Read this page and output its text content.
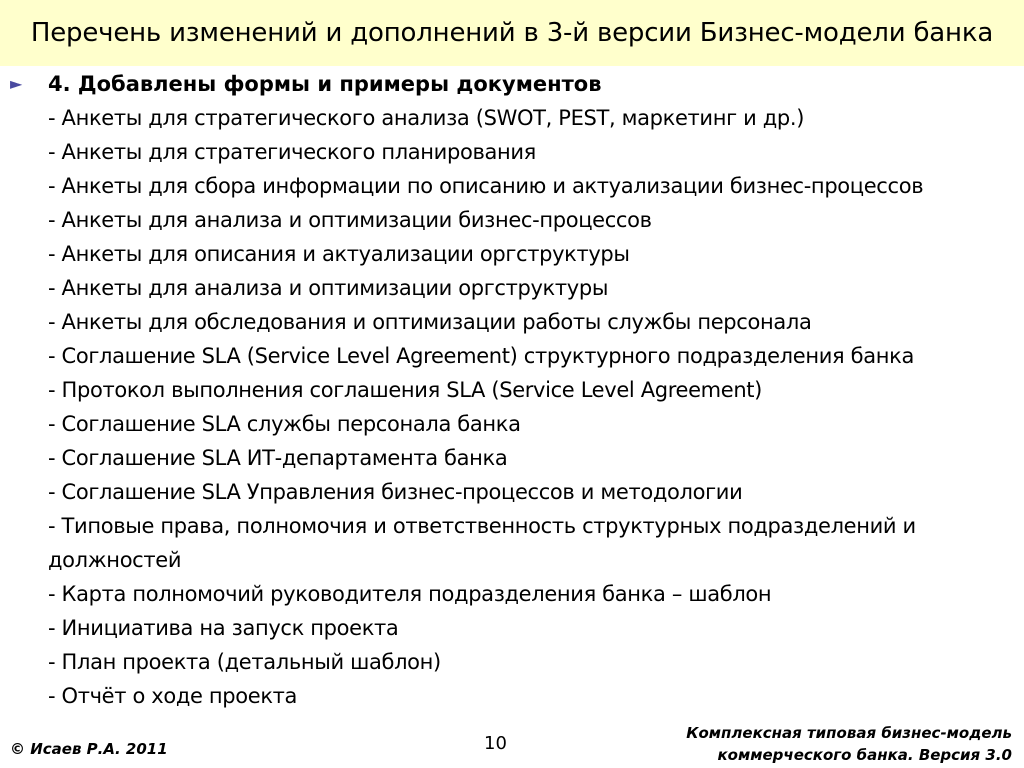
Перечень изменений и дополнений в 3-й версии Бизнес-модели банка
► 4. Добавлены формы и примеры документов
- Анкеты для стратегического анализа (SWOT, PEST, маркетинг и др.)
- Анкеты для стратегического планирования
- Анкеты для сбора информации по описанию и актуализации бизнес-процессов
- Анкеты для анализа и оптимизации бизнес-процессов
- Анкеты для описания и актуализации оргструктуры
- Анкеты для анализа и оптимизации оргструктуры
- Анкеты для обследования и оптимизации работы службы персонала
- Соглашение SLA (Service Level Agreement) структурного подразделения банка
- Протокол выполнения соглашения SLA (Service Level Agreement)
- Соглашение SLA службы персонала банка
- Соглашение SLA ИТ-департамента банка
- Соглашение SLA Управления бизнес-процессов и методологии
- Типовые права, полномочия и ответственность структурных подразделений и должностей
- Карта полномочий руководителя подразделения банка – шаблон
- Инициатива на запуск проекта
- План проекта (детальный шаблон)
- Отчёт о ходе проекта
© Исаев Р.А. 2011	10	Комплексная типовая бизнес-модель
коммерческого банка. Версия 3.0
